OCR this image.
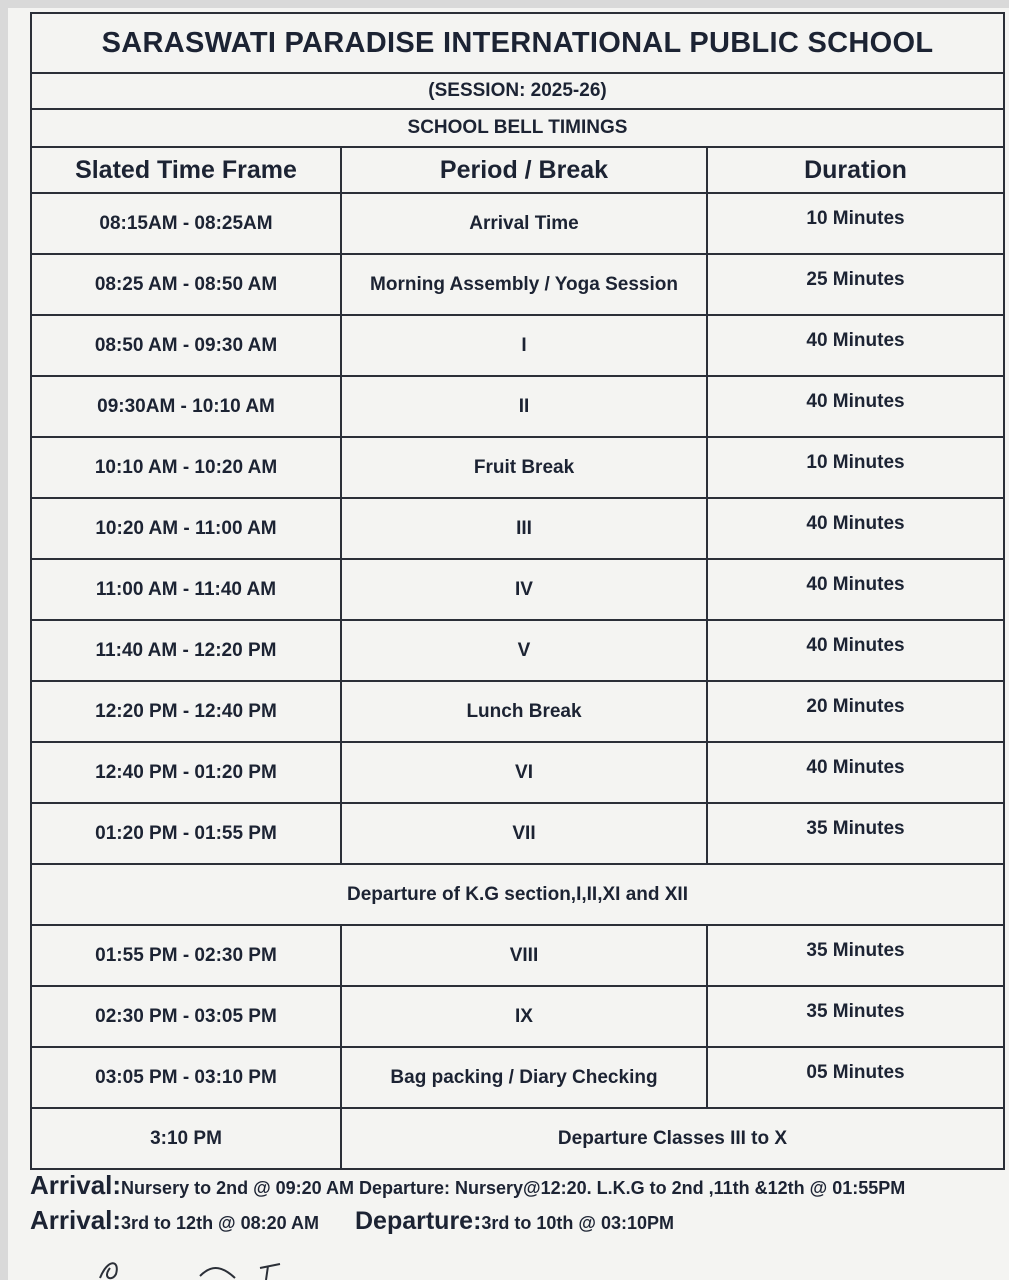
SARASWATI PARADISE INTERNATIONAL PUBLIC SCHOOL
(SESSION: 2025-26)
SCHOOL BELL TIMINGS
Slated Time Frame	Period / Break	Duration
08:15AM - 08:25AM	Arrival Time	10 Minutes
08:25 AM - 08:50 AM	Morning Assembly / Yoga Session	25 Minutes
08:50 AM - 09:30 AM	I	40 Minutes
09:30AM - 10:10 AM	II	40 Minutes
10:10 AM - 10:20 AM	Fruit Break	10 Minutes
10:20 AM - 11:00 AM	III	40 Minutes
11:00 AM - 11:40 AM	IV	40 Minutes
11:40 AM - 12:20 PM	V	40 Minutes
12:20 PM - 12:40 PM	Lunch Break	20 Minutes
12:40 PM - 01:20 PM	VI	40 Minutes
01:20 PM - 01:55 PM	VII	35 Minutes
Departure of K.G section,I,II,XI and XII
01:55 PM - 02:30 PM	VIII	35 Minutes
02:30 PM - 03:05 PM	IX	35 Minutes
03:05 PM - 03:10 PM	Bag packing / Diary Checking	05 Minutes
3:10 PM	Departure Classes III to X
Arrival: Nursery to 2nd @ 09:20 AM Departure: Nursery@12:20. L.K.G to 2nd ,11th &12th @ 01:55PM
Arrival: 3rd to 12th @ 08:20 AM Departure: 3rd to 10th @ 03:10PM
